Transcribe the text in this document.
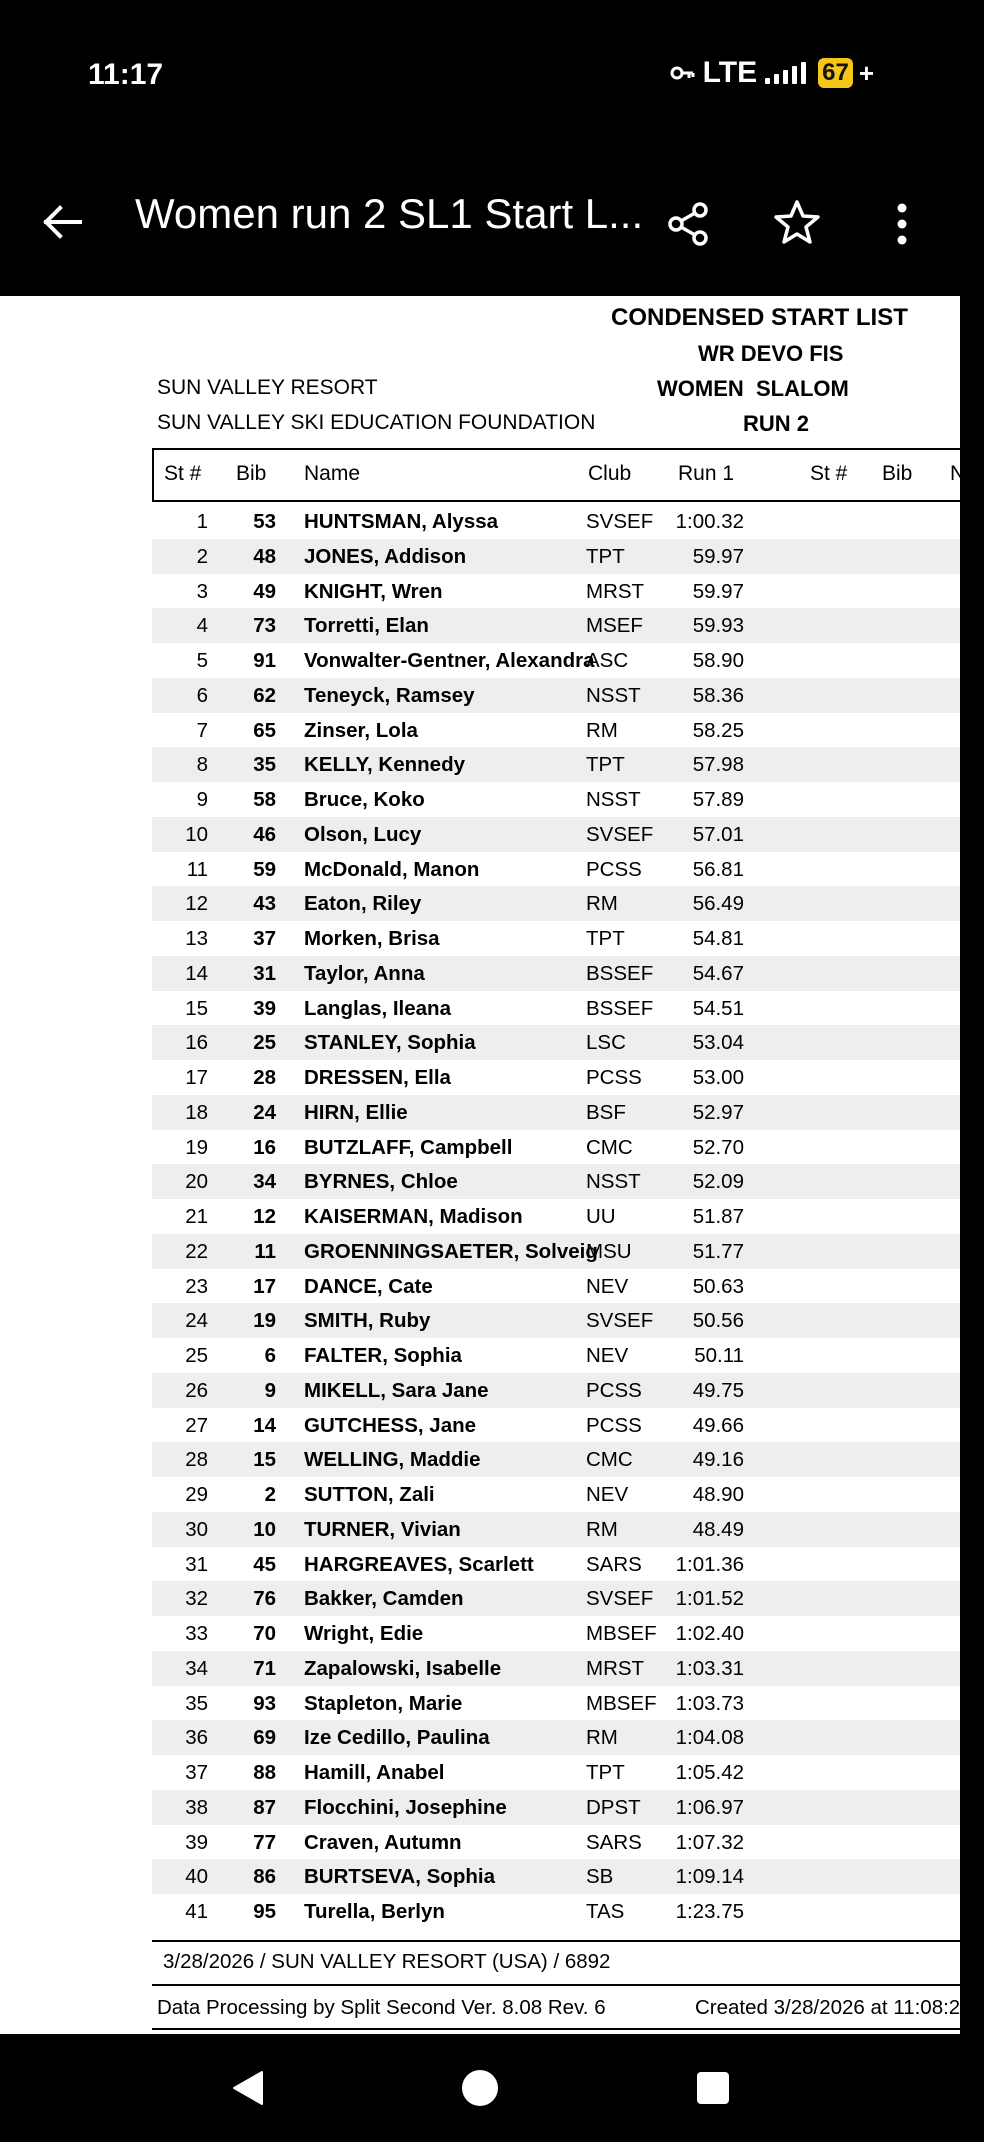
11:17	LTE	67 +
Women run 2 SL1 Start L...
CONDENSED START LIST
WR DEVO FIS
WOMEN  SLALOM
RUN 2
SUN VALLEY RESORT
SUN VALLEY SKI EDUCATION FOUNDATION
St # Bib Name	Club Run 1	St # Bib N
1	53 HUNTSMAN, Alyssa	SVSEF	1:00.32
2	48 JONES, Addison	TPT	59.97
3	49 KNIGHT, Wren	MRST	59.97
4	73 Torretti, Elan	MSEF	59.93
5	91 Vonwalter-Gentner, Alexandra
ASC	58.90
6	62 Teneyck, Ramsey	NSST	58.36
7	65 Zinser, Lola	RM	58.25
8	35 KELLY, Kennedy	TPT	57.98
9	58 Bruce, Koko	NSST	57.89
10	46 Olson, Lucy	SVSEF	57.01
11	59 McDonald, Manon	PCSS	56.81
12	43 Eaton, Riley	RM	56.49
13	37 Morken, Brisa	TPT	54.81
14	31 Taylor, Anna	BSSEF	54.67
15	39 Langlas, Ileana	BSSEF	54.51
16	25 STANLEY, Sophia	LSC	53.04
17	28 DRESSEN, Ella	PCSS	53.00
18	24 HIRN, Ellie	BSF	52.97
19	16 BUTZLAFF, Campbell	CMC	52.70
20	34 BYRNES, Chloe	NSST	52.09
21	12 KAISERMAN, Madison	UU	51.87
22	11 GROENNINGSAETER, Solveig
MSU	51.77
23	17 DANCE, Cate	NEV	50.63
24	19 SMITH, Ruby	SVSEF	50.56
25	6 FALTER, Sophia	NEV	50.11
26	9 MIKELL, Sara Jane	PCSS	49.75
27	14 GUTCHESS, Jane	PCSS	49.66
28	15 WELLING, Maddie	CMC	49.16
29	2 SUTTON, Zali	NEV	48.90
30	10 TURNER, Vivian	RM	48.49
31	45 HARGREAVES, Scarlett	SARS	1:01.36
32	76 Bakker, Camden	SVSEF	1:01.52
33	70 Wright, Edie	MBSEF 1:02.40
34	71 Zapalowski, Isabelle	MRST	1:03.31
35	93 Stapleton, Marie	MBSEF 1:03.73
36	69 Ize Cedillo, Paulina	RM	1:04.08
37	88 Hamill, Anabel	TPT	1:05.42
38	87 Flocchini, Josephine	DPST	1:06.97
39	77 Craven, Autumn	SARS	1:07.32
40	86 BURTSEVA, Sophia	SB	1:09.14
41	95 Turella, Berlyn	TAS	1:23.75
3/28/2026 / SUN VALLEY RESORT (USA) / 6892
Data Processing by Split Second Ver. 8.08 Rev. 6	Created 3/28/2026 at 11:08:2
